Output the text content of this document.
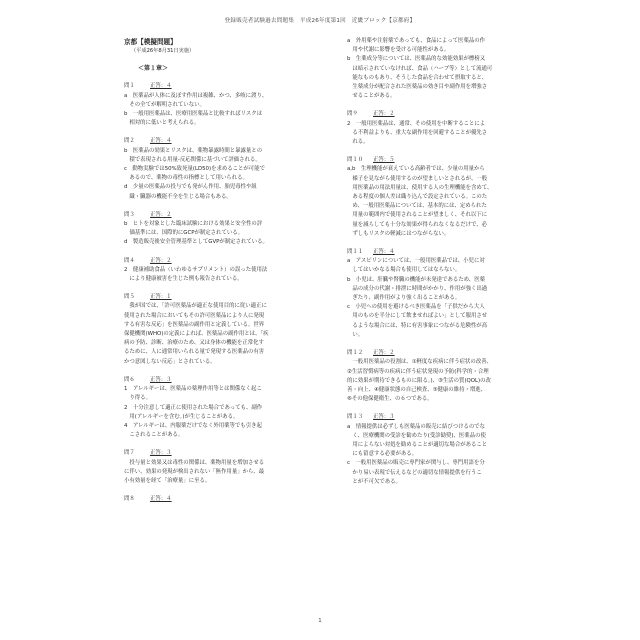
登録販売者試験過去問題集　平成26年度第1回　近畿ブロック【京都府】
京都【模擬問題】
（平成26年8月31日実施）
＜第１章＞
問１	正答：４
a　医薬品が人体に及ぼす作用は複雑、かつ、多岐に渡り、
　その全てが解明されていない。
b　一般用医薬品は、医療用医薬品と比較すればリスクは
　相対的に低いと考えられる。
問２	正答：４
b　医薬品の効果とリスクは、薬物暴露時間と暴露量との
　積で表現される用量-反応関係に基づいて評価される。
c　動物実験では50%致死量(LD50)を求めることが可能で
　あるので、薬物の毒性の指標として用いられる。
d　少量の医薬品の投与でも発がん作用、胎児毒性や組
　織・臓器の機能不全を生じる場合もある。
問３	正答：２
b　ヒトを対象とした臨床試験における効果と安全性の評
　価基準には、国際的にGCPが制定されている。
d　製造販売後安全管理基準としてGVPが制定されている。
問４	正答：２
2　健康補助食品（いわゆるサプリメント）の誤った使用法
　により健康被害を生じた例も報告されている。
問５	正答：１
　我が国では、「許可医薬品が適正な使用目的に従い適正に
使用された場合においてもその許可医薬品により人に発現
する有害な反応」を医薬品の副作用と定義している。世界
保健機関(WHO)の定義によれば、医薬品の副作用とは、「疾
病の予防、診断、治療のため、又は身体の機能を正常化す
るために、人に通常用いられる量で発現する医薬品の有害
かつ意図しない反応」とされている。
問６	正答：３
1　アレルギーは、医薬品の薬理作用等とは関係なく起こ
　り得る。
2　十分注意して適正に使用された場合であっても、副作
　用(アレルギーを含む。)が生じることがある。
4　アレルギーは、内服薬だけでなく外用薬等でも引き起
　こされることがある。
問７	正答：３
　投与量と効果又は毒性の関係は、薬物用量を増加させる
に伴い、効果の発現が検出されない「無作用量」から、最
小有効量を経て「治療量」に至る。
問８	正答：４
a　外用薬や注射薬であっても、食品によって医薬品の作
　用や代謝に影響を受ける可能性がある。
b　生薬成分等については、医薬品的な効能効果が標榜又
　は暗示されていなければ、食品（ハーブ等）として流通可
　能なものもあり、そうした食品を合わせて摂取すると、
　生薬成分が配合された医薬品の効き目や副作用を増強さ
　せることがある。
問９	正答：２
2　一般用医薬品は、通常、その使用を中断することによ
　る不利益よりも、重大な副作用を回避することが優先さ
　れる。
問１０ 正答：５
a,b　生理機能が衰えている高齢者では、少量の用量から
　様子を見ながら使用するのが望ましいとされるが、一般
　用医薬品の用法用量は、使用する人の生理機能を含めて、
　ある程度の個人差は織り込んで設定されている。このた
　め、一般用医薬品については、基本的には、定められた
　用量の範囲内で使用されることが望ましく、それ以下に
　量を減らしても十分な効果が得られなくなるだけで、必
　ずしもリスクの軽減にはつながらない。
問１１ 正答：４
a　アスピリンについては、一般用医薬品では、小児に対
　してはいかなる場合も使用してはならない。
b　小児は、肝臓や腎臓の機能が未発達であるため、医薬
　品の成分の代謝・排泄に時間がかかり、作用が強く出過
　ぎたり、副作用がより強く出ることがある。
c　小児への使用を避けるべき医薬品を「子供だから大人
　用のものを半分にして飲ませればよい」として服用させ
　るような場合には、特に有害事象につながる危険性が高
　い。
問１２ 正答：２
　一般用医薬品の役割は、①軽度な疾病に伴う症状の改善、
②生活習慣病等の疾病に伴う症状発現の予防(科学的・合理
的に効果が期待できるものに限る。)、③生活の質(QOL)の改
善・向上、④健康状態の自己検査、⑤健康の維持・増進、
⑥その他保健衛生、の６つである。
問１３ 正答：３
a　情報提供は必ずしも医薬品の販売に結びつけるのでな
　く、医療機関の受診を勧めたり(受診勧奨)、医薬品の使
　用によらない対処を勧めることが適切な場合があること
　にも留意する必要がある。
c　一般用医薬品の販売に専門家が関与し、専門用語を分
　かり易い表現で伝えるなどの適切な情報提供を行うこ
　とが不可欠である。
1
